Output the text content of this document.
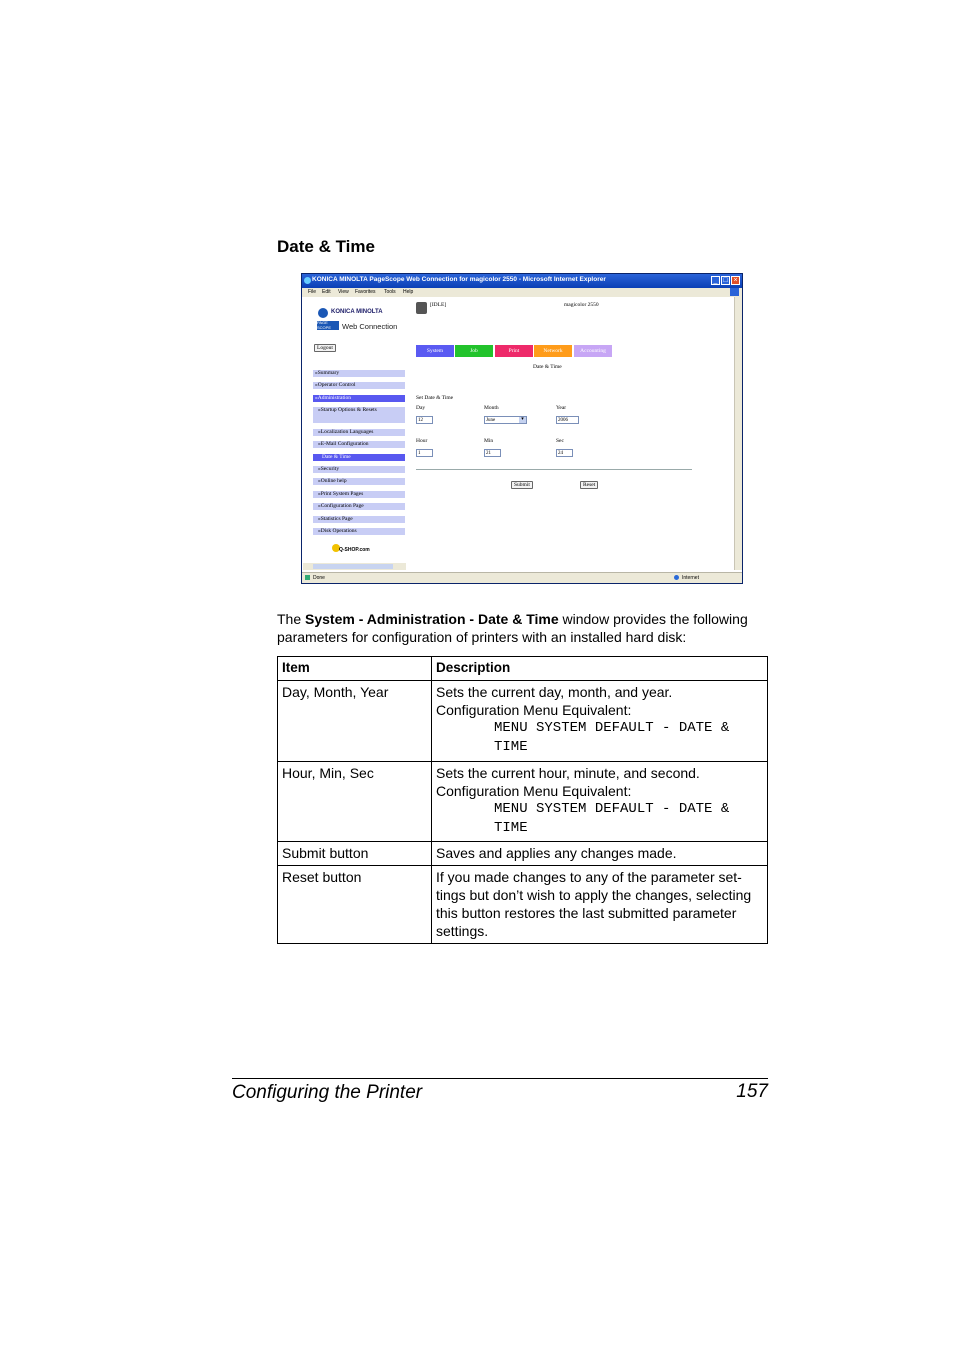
Date & Time
KONICA MINOLTA PageScope Web Connection for magicolor 2550 - Microsoft Internet Explorer	_ □ ×
File Edit View Favorites Tools Help
KONICA MINOLTA
PAGE SCOPE	Web Connection
Logout
»Summary
»Operator Control
»Administration
»Startup Options & Resets
»Localization Languages
»E-Mail Configuration
Date & Time
»Security
»Online help
»Print System Pages
»Configuration Page
»Statistics Page
»Disk Operations
Q-SHOP.com
[IDLE]	magicolor 2550
System	Job	Print	Network	Accounting
Date & Time
Set Date & Time
Day
12
Month
June	▾
Year
2006
Hour
1
Min
21
Sec
24
Submit	Reset
Done	Internet
The System - Administration - Date & Time window provides the following parameters for configuration of printers with an installed hard disk:
Item	Description
Day, Month, Year	Sets the current day, month, and year.
Configuration Menu Equivalent:
MENU SYSTEM DEFAULT - DATE &
TIME

Hour, Min, Sec	Sets the current hour, minute, and second.
Configuration Menu Equivalent:
MENU SYSTEM DEFAULT - DATE &
TIME

Submit button	Saves and applies any changes made.
Reset button	If you made changes to any of the parameter set-tings but don’t wish to apply the changes, selecting this button restores the last submitted parameter settings.
Configuring the Printer	157
